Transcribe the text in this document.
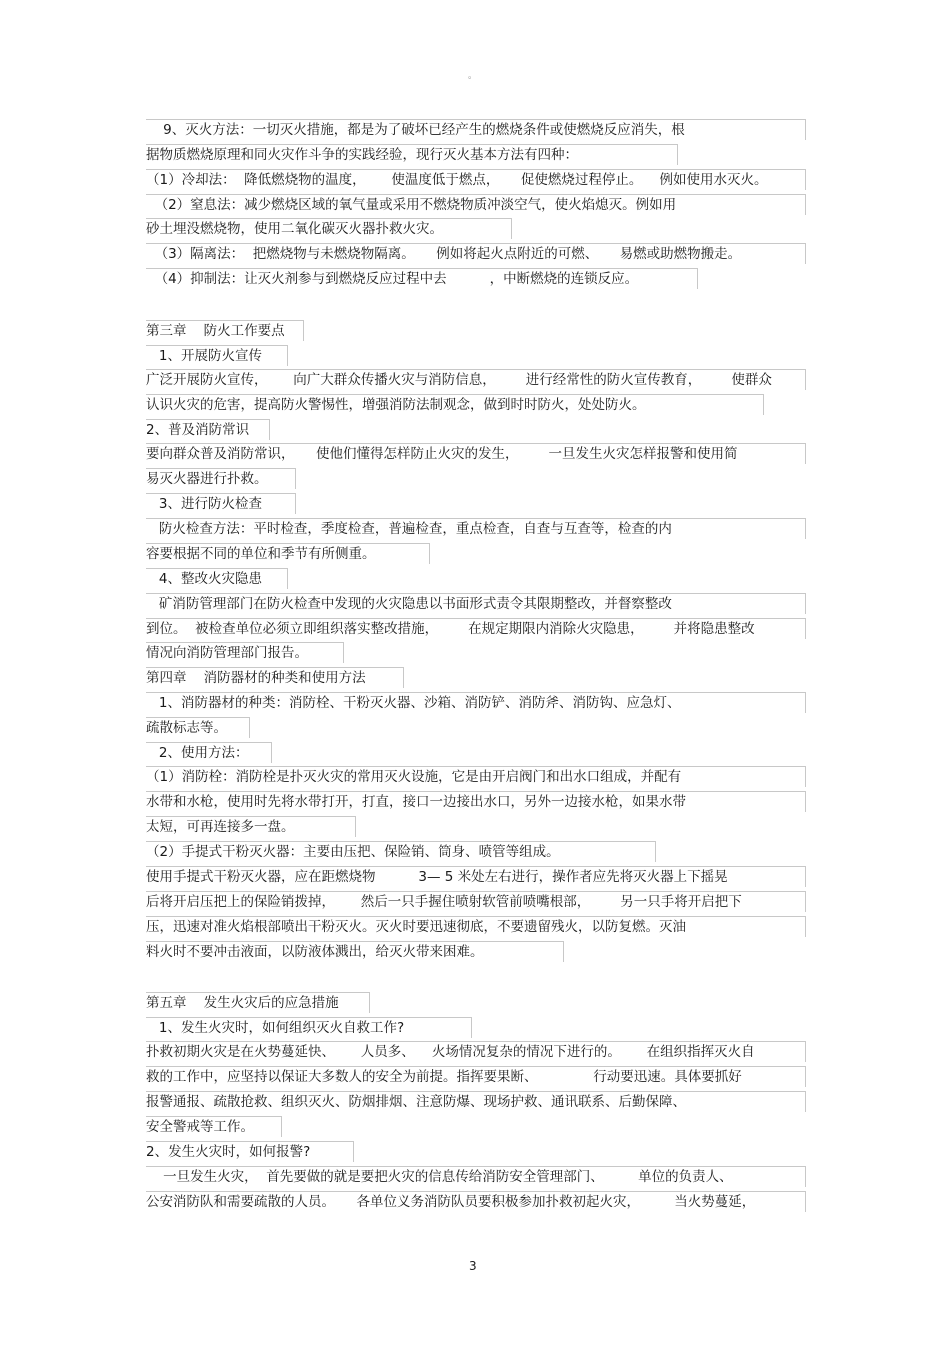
。
9、灭火方法：一切灭火措施，都是为了破坏已经产生的燃烧条件或使燃烧反应消失，根
据物质燃烧原理和同火灾作斗争的实践经验，现行灭火基本方法有四种：
（1）冷却法：  降低燃烧物的温度，      使温度低于燃点，     促使燃烧过程停止。    例如使用水灭火。
（2）窒息法：减少燃烧区域的氧气量或采用不燃烧物质冲淡空气，使火焰熄灭。例如用
砂土埋没燃烧物，使用二氧化碳灭火器扑救火灾。
（3）隔离法：  把燃烧物与未燃烧物隔离。     例如将起火点附近的可燃、     易燃或助燃物搬走。
（4）抑制法：让灭火剂参与到燃烧反应过程中去          ，中断燃烧的连锁反应。
第三章    防火工作要点
1、开展防火宣传
广泛开展防火宣传，      向广大群众传播火灾与消防信息，       进行经常性的防火宣传教育，       使群众
认识火灾的危害，提高防火警惕性，增强消防法制观念，做到时时防火，处处防火。
2、普及消防常识
要向群众普及消防常识，     使他们懂得怎样防止火灾的发生，       一旦发生火灾怎样报警和使用简
易灭火器进行扑救。
3、进行防火检查
防火检查方法：平时检查，季度检查，普遍检查，重点检查，自查与互查等，检查的内
容要根据不同的单位和季节有所侧重。
4、整改火灾隐患
矿消防管理部门在防火检查中发现的火灾隐患以书面形式责令其限期整改，并督察整改
到位。  被检查单位必须立即组织落实整改措施，       在规定期限内消除火灾隐患，       并将隐患整改
情况向消防管理部门报告。
第四章    消防器材的种类和使用方法
1、消防器材的种类：消防栓、干粉灭火器、沙箱、消防铲、消防斧、消防钩、应急灯、
疏散标志等。
2、使用方法：
（1）消防栓：消防栓是扑灭火灾的常用灭火设施，它是由开启阀门和出水口组成，并配有
水带和水枪，使用时先将水带打开，打直，接口一边接出水口，另外一边接水枪，如果水带
太短，可再连接多一盘。
（2）手提式干粉灭火器：主要由压把、保险销、筒身、喷管等组成。
使用手提式干粉灭火器，应在距燃烧物          3— 5 米处左右进行，操作者应先将灭火器上下摇晃
后将开启压把上的保险销拨掉，      然后一只手握住喷射软管前喷嘴根部，       另一只手将开启把下
压，迅速对准火焰根部喷出干粉灭火。灭火时要迅速彻底，不要遗留残火，以防复燃。灭油
料火时不要冲击液面，以防液体溅出，给灭火带来困难。
第五章    发生火灾后的应急措施
1、发生火灾时，如何组织灭火自救工作?
扑救初期火灾是在火势蔓延快、      人员多、    火场情况复杂的情况下进行的。      在组织指挥灭火自
救的工作中，应坚持以保证大多数人的安全为前提。指挥要果断、             行动要迅速。具体要抓好
报警通报、疏散抢救、组织灭火、防烟排烟、注意防爆、现场护救、通讯联系、后勤保障、
安全警戒等工作。
2、发生火灾时，如何报警?
一旦发生火灾，  首先要做的就是要把火灾的信息传给消防安全管理部门、        单位的负责人、
公安消防队和需要疏散的人员。     各单位义务消防队员要积极参加扑救初起火灾，        当火势蔓延，
3
